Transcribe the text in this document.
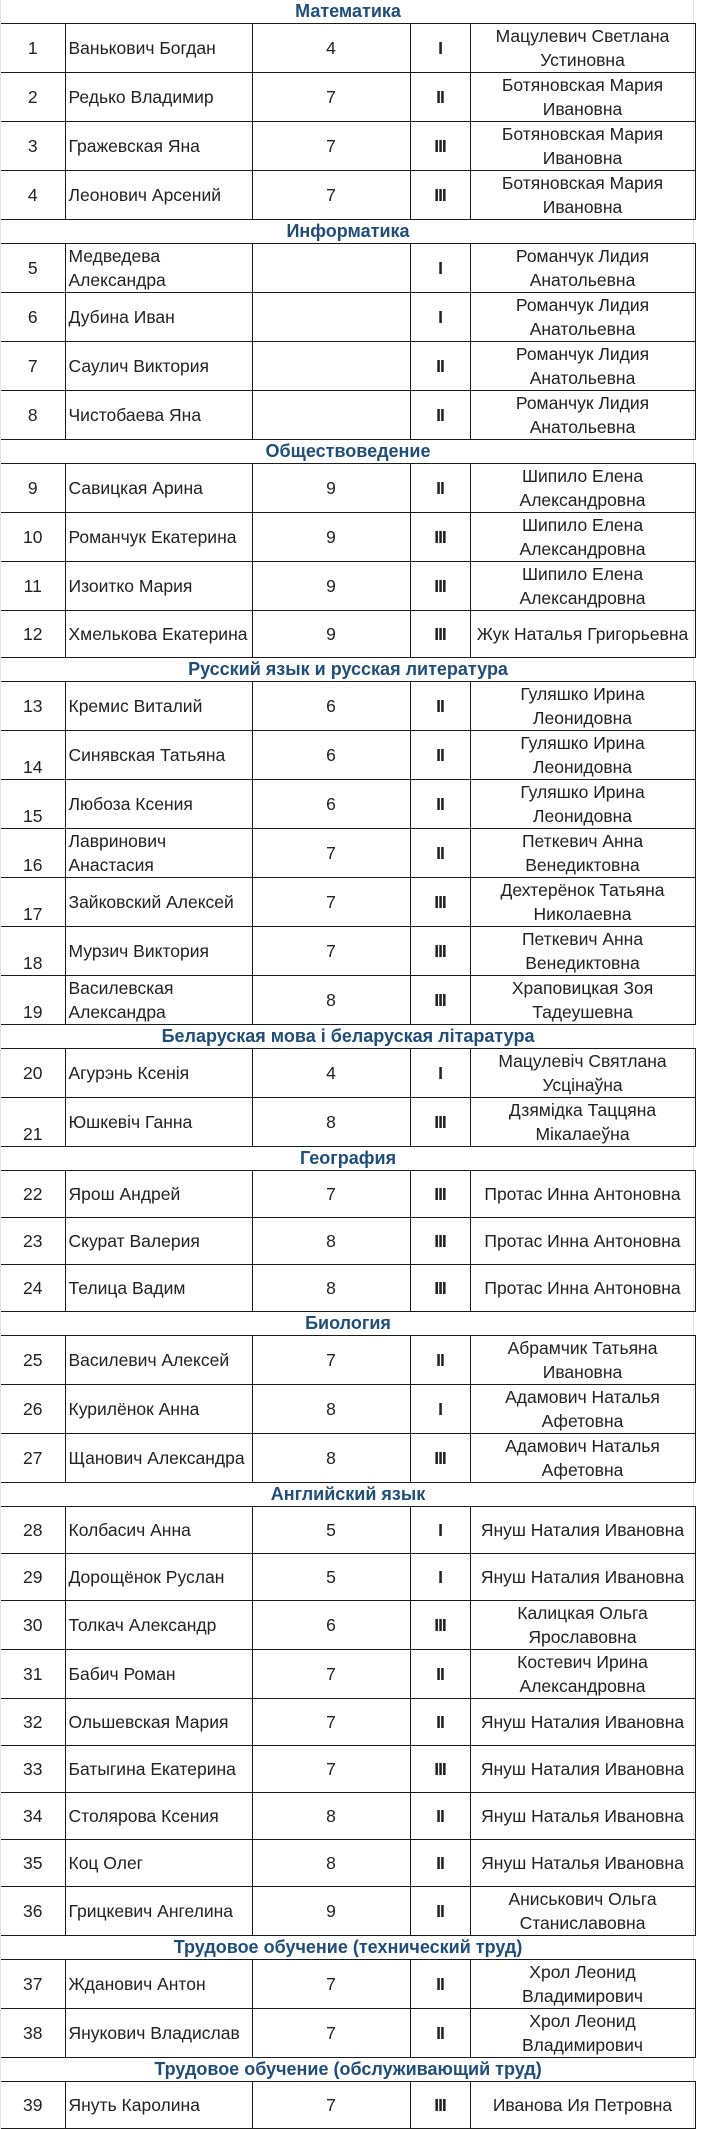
Математика				
1	Ванькович Богдан	4	I	Мацулевич Светлана Устиновна
2	Редько Владимир	7	II	Ботяновская Мария Ивановна
3	Гражевская Яна	7	III	Ботяновская Мария Ивановна
4	Леонович Арсений	7	III	Ботяновская Мария Ивановна
Информатика				
5	Медведева Александра		I	Романчук Лидия Анатольевна
6	Дубина Иван		I	Романчук Лидия Анатольевна
7	Саулич Виктория		II	Романчук Лидия Анатольевна
8	Чистобаева Яна		II	Романчук Лидия Анатольевна
Обществоведение				
9	Савицкая Арина	9	II	Шипило Елена Александровна
10	Романчук Екатерина	9	III	Шипило Елена Александровна
11	Изоитко Мария	9	III	Шипило Елена Александровна
12	Хмелькова Екатерина	9	III	Жук Наталья Григорьевна
Русский язык и русская литература				
13	Кремис Виталий	6	II	Гуляшко Ирина Леонидовна
14	Синявская Татьяна	6	II	Гуляшко Ирина Леонидовна
15	Любоза Ксения	6	II	Гуляшко Ирина Леонидовна
16	Лавринович Анастасия	7	II	Петкевич Анна Венедиктовна
17	Зайковский Алексей	7	III	Дехтерёнок Татьяна Николаевна
18	Мурзич Виктория	7	III	Петкевич Анна Венедиктовна
19	Василевская Александра	8	III	Храповицкая Зоя Тадеушевна
Беларуская мова і беларуская літаратура				
20	Агурэнь Ксенія	4	I	Мацулевіч Святлана Усцінаўна
21	Юшкевіч Ганна	8	III	Дзямідка Таццяна Мікалаеўна
География				
22	Ярош Андрей	7	III	Протас Инна Антоновна
23	Скурат Валерия	8	III	Протас Инна Антоновна
24	Телица Вадим	8	III	Протас Инна Антоновна
Биология				
25	Василевич Алексей	7	II	Абрамчик Татьяна Ивановна
26	Курилёнок Анна	8	I	Адамович Наталья Афетовна
27	Щанович Александра	8	III	Адамович Наталья Афетовна
Английский язык				
28	Колбасич Анна	5	I	Януш Наталия Ивановна
29	Дорощёнок Руслан	5	I	Януш Наталия Ивановна
30	Толкач Александр	6	III	Калицкая Ольга Ярославовна
31	Бабич Роман	7	II	Костевич Ирина Александровна
32	Ольшевская Мария	7	II	Януш Наталия Ивановна
33	Батыгина Екатерина	7	III	Януш Наталия Ивановна
34	Столярова Ксения	8	II	Януш Наталья Ивановна
35	Коц Олег	8	II	Януш Наталья Ивановна
36	Грицкевич Ангелина	9	II	Аниськович Ольга Станиславовна
Трудовое обучение (технический труд)				
37	Жданович Антон	7	II	Хрол Леонид Владимирович
38	Янукович Владислав	7	II	Хрол Леонид Владимирович
Трудовое обучение (обслуживающий труд)				
39	Януть Каролина	7	III	Иванова Ия Петровна
